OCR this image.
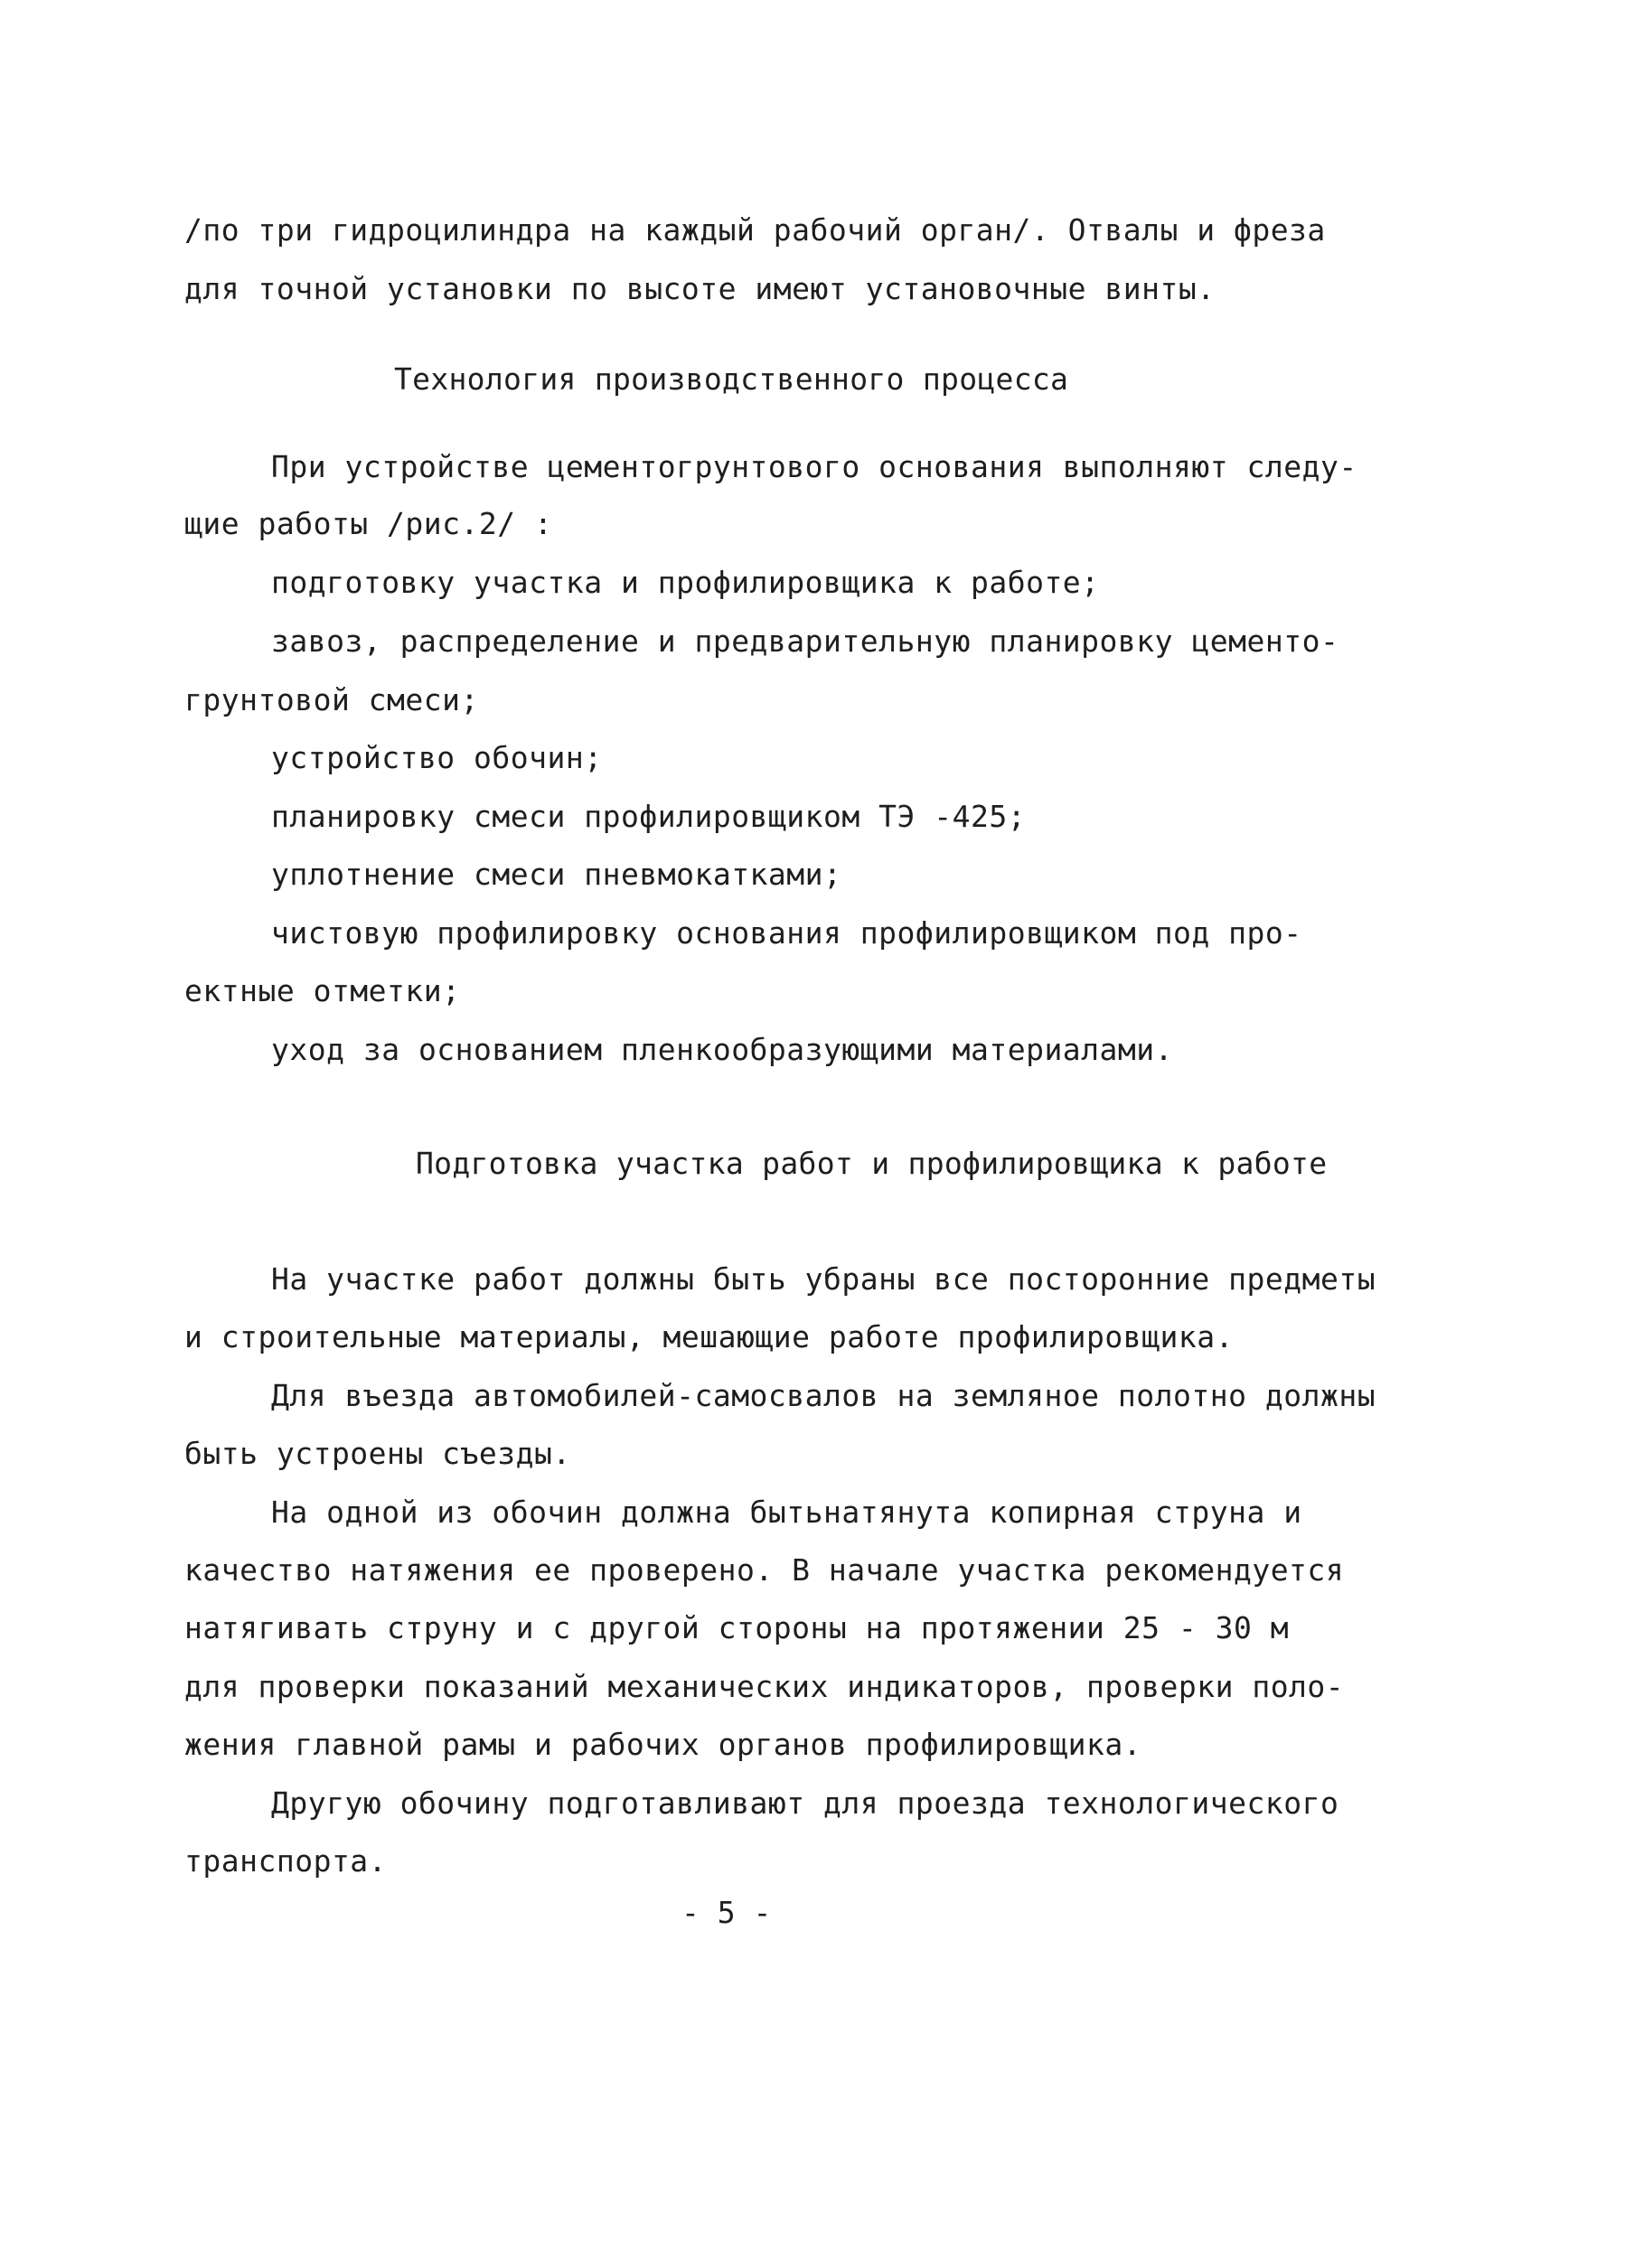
/по три гидроцилиндра на каждый рабочий орган/. Отвалы и фреза
для точной установки по высоте имеют установочные винты.
Технология производственного процесса
При устройстве цементогрунтового основания выполняют следу-
щие работы /рис.2/ :
подготовку участка и профилировщика к работе;
завоз, распределение и предварительную планировку цементо-
грунтовой смеси;
устройство обочин;
планировку смеси профилировщиком ТЭ -425;
уплотнение смеси пневмокатками;
чистовую профилировку основания профилировщиком под про-
ектные отметки;
уход за основанием пленкообразующими материалами.
Подготовка участка работ и профилировщика к работе
На участке работ должны быть убраны все посторонние предметы
и строительные материалы, мешающие работе профилировщика.
Для въезда автомобилей-самосвалов на земляное полотно должны
быть устроены съезды.
На одной из обочин должна бытьнатянута копирная струна и
качество натяжения ее проверено. В начале участка рекомендуется
натягивать струну и с другой стороны на протяжении 25 - 30 м
для проверки показаний механических индикаторов, проверки поло-
жения главной рамы и рабочих органов профилировщика.
Другую обочину подготавливают для проезда технологического
транспорта.
- 5 -
